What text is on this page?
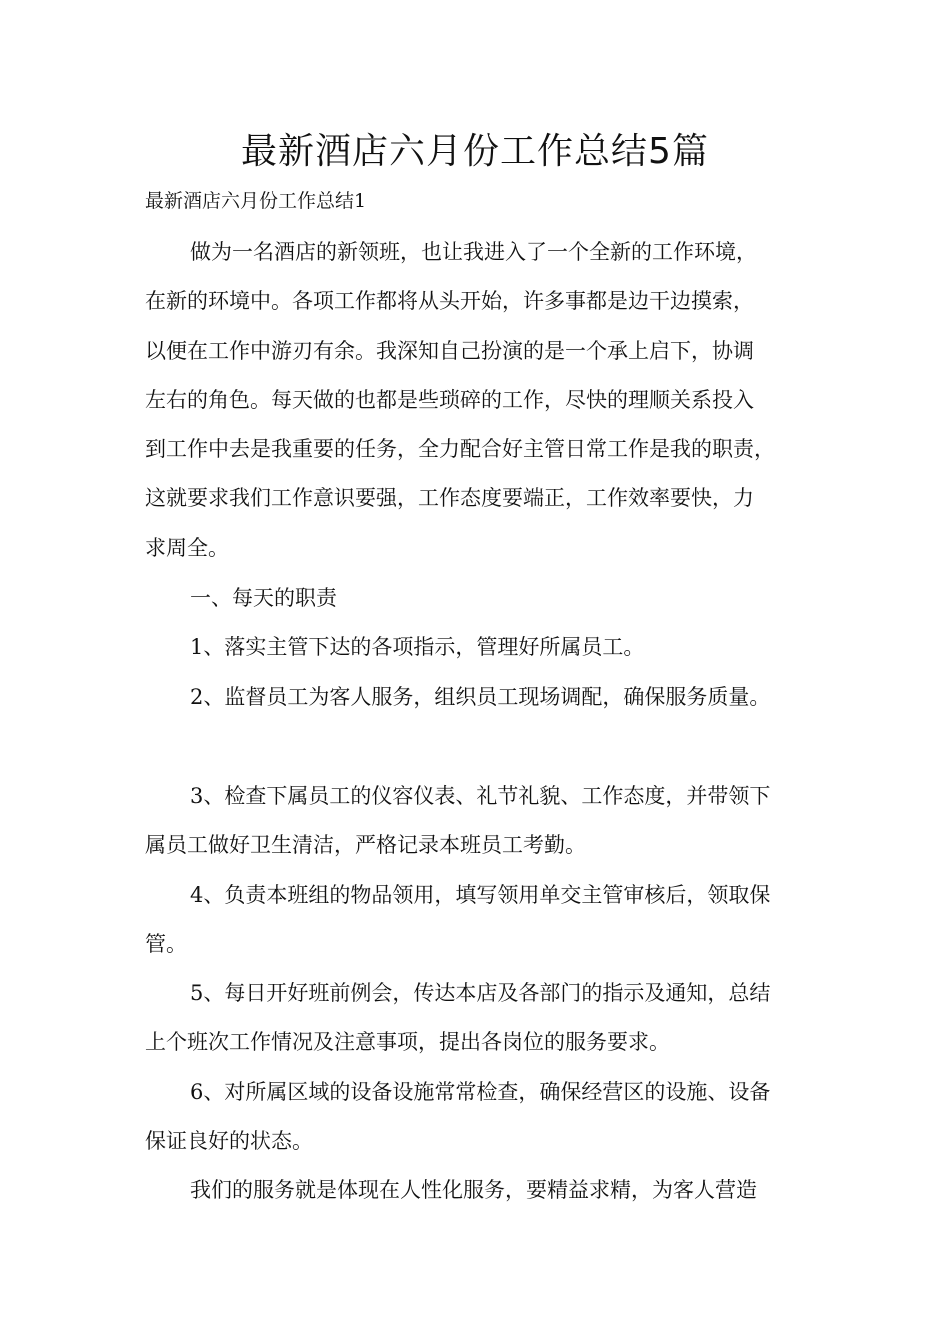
最新酒店六月份工作总结5篇

最新酒店六月份工作总结1

做为一名酒店的新领班，也让我进入了一个全新的工作环境，
在新的环境中。各项工作都将从头开始，许多事都是边干边摸索，
以便在工作中游刃有余。我深知自己扮演的是一个承上启下，协调
左右的角色。每天做的也都是些琐碎的工作，尽快的理顺关系投入
到工作中去是我重要的任务，全力配合好主管日常工作是我的职责，
这就要求我们工作意识要强，工作态度要端正，工作效率要快，力
求周全。
一、每天的职责
1、落实主管下达的各项指示，管理好所属员工。
2、监督员工为客人服务，组织员工现场调配，确保服务质量。
3、检查下属员工的仪容仪表、礼节礼貌、工作态度，并带领下
属员工做好卫生清洁，严格记录本班员工考勤。
4、负责本班组的物品领用，填写领用单交主管审核后，领取保
管。
5、每日开好班前例会，传达本店及各部门的指示及通知，总结
上个班次工作情况及注意事项，提出各岗位的服务要求。
6、对所属区域的设备设施常常检查，确保经营区的设施、设备
保证良好的状态。
我们的服务就是体现在人性化服务，要精益求精，为客人营造
